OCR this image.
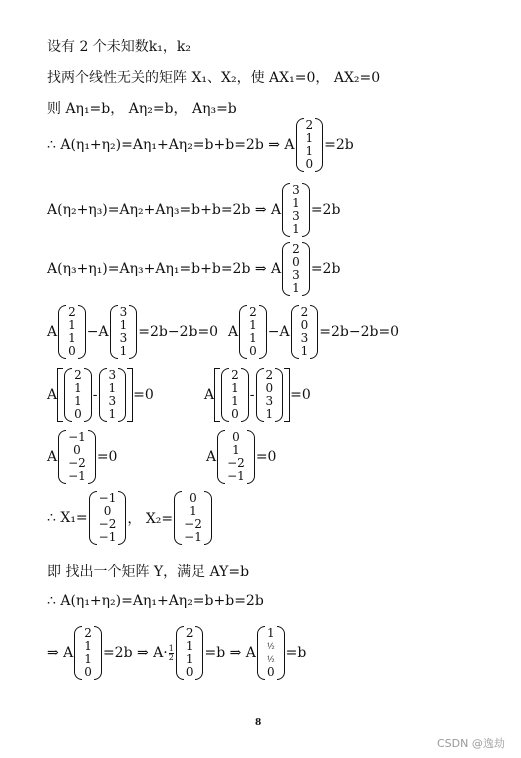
设有 2 个未知数k₁，k₂
找两个线性无关的矩阵 X₁、X₂，使 AX₁=0， AX₂=0
则 Aη₁=b， Aη₂=b， Aη₃=b
∴ A(η₁+η₂)=Aη₁+Aη₂=b+b=2b ⇒ A
2
1
1
0
=2b
A(η₂+η₃)=Aη₂+Aη₃=b+b=2b ⇒ A
3
1
3
1
=2b
A(η₃+η₁)=Aη₃+Aη₁=b+b=2b ⇒ A
2
0
3
1
=2b
A
2
1
1
0
−A
3
1
3
1
=2b−2b=0 A
2
1
1
0
−A
2
0
3
1
=2b−2b=0
A
2
1
1
0
-
3
1
3
1
=0	A
2
1
1
0
-
2
0
3
1
=0
A
−1
0
−2
−1
=0	A
0
1
−2
−1
=0
∴ X₁=
−1
0
−2
−1
， X₂=
0
1
−2
−1
即 找出一个矩阵 Y，满足 AY=b
∴ A(η₁+η₂)=Aη₁+Aη₂=b+b=2b
⇒ A
2
1
1
0
=2b ⇒ $A\cdot \frac{1}{2}$
2
1
1
0
=b ⇒ A
1
½
½
0
=b
8
CSDN @逸劫
